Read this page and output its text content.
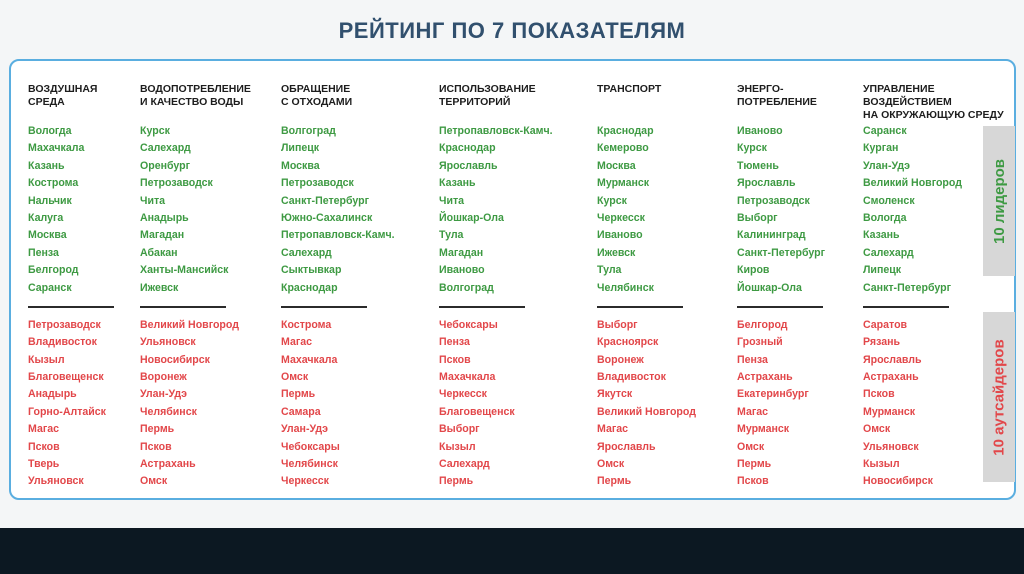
РЕЙТИНГ ПО 7 ПОКАЗАТЕЛЯМ
ВОЗДУШНАЯ
СРЕДА
Вологда
Махачкала
Казань
Кострома
Нальчик
Калуга
Москва
Пенза
Белгород
Саранск
Петрозаводск
Владивосток
Кызыл
Благовещенск
Анадырь
Горно-Алтайск
Магас
Псков
Тверь
Ульяновск
ВОДОПОТРЕБЛЕНИЕ
И КАЧЕСТВО ВОДЫ
Курск
Салехард
Оренбург
Петрозаводск
Чита
Анадырь
Магадан
Абакан
Ханты-Мансийск
Ижевск
Великий Новгород
Ульяновск
Новосибирск
Воронеж
Улан-Удэ
Челябинск
Пермь
Псков
Астрахань
Омск
ОБРАЩЕНИЕ
С ОТХОДАМИ
Волгоград
Липецк
Москва
Петрозаводск
Санкт-Петербург
Южно-Сахалинск
Петропавловск-Камч.
Салехард
Сыктывкар
Краснодар
Кострома
Магас
Махачкала
Омск
Пермь
Самара
Улан-Удэ
Чебоксары
Челябинск
Черкесск
ИСПОЛЬЗОВАНИЕ
ТЕРРИТОРИЙ
Петропавловск-Камч.
Краснодар
Ярославль
Казань
Чита
Йошкар-Ола
Тула
Магадан
Иваново
Волгоград
Чебоксары
Пенза
Псков
Махачкала
Черкесск
Благовещенск
Выборг
Кызыл
Салехард
Пермь
ТРАНСПОРТ
Краснодар
Кемерово
Москва
Мурманск
Курск
Черкесск
Иваново
Ижевск
Тула
Челябинск
Выборг
Красноярск
Воронеж
Владивосток
Якутск
Великий Новгород
Магас
Ярославль
Омск
Пермь
ЭНЕРГО-
ПОТРЕБЛЕНИЕ
Иваново
Курск
Тюмень
Ярославль
Петрозаводск
Выборг
Калининград
Санкт-Петербург
Киров
Йошкар-Ола
Белгород
Грозный
Пенза
Астрахань
Екатеринбург
Магас
Мурманск
Омск
Пермь
Псков
УПРАВЛЕНИЕ ВОЗДЕЙСТВИЕМ
НА ОКРУЖАЮЩУЮ СРЕДУ
Саранск
Курган
Улан-Удэ
Великий Новгород
Смоленск
Вологда
Казань
Салехард
Липецк
Санкт-Петербург
Саратов
Рязань
Ярославль
Астрахань
Псков
Мурманск
Омск
Ульяновск
Кызыл
Новосибирск
10 лидеров
10 аутсайдеров
